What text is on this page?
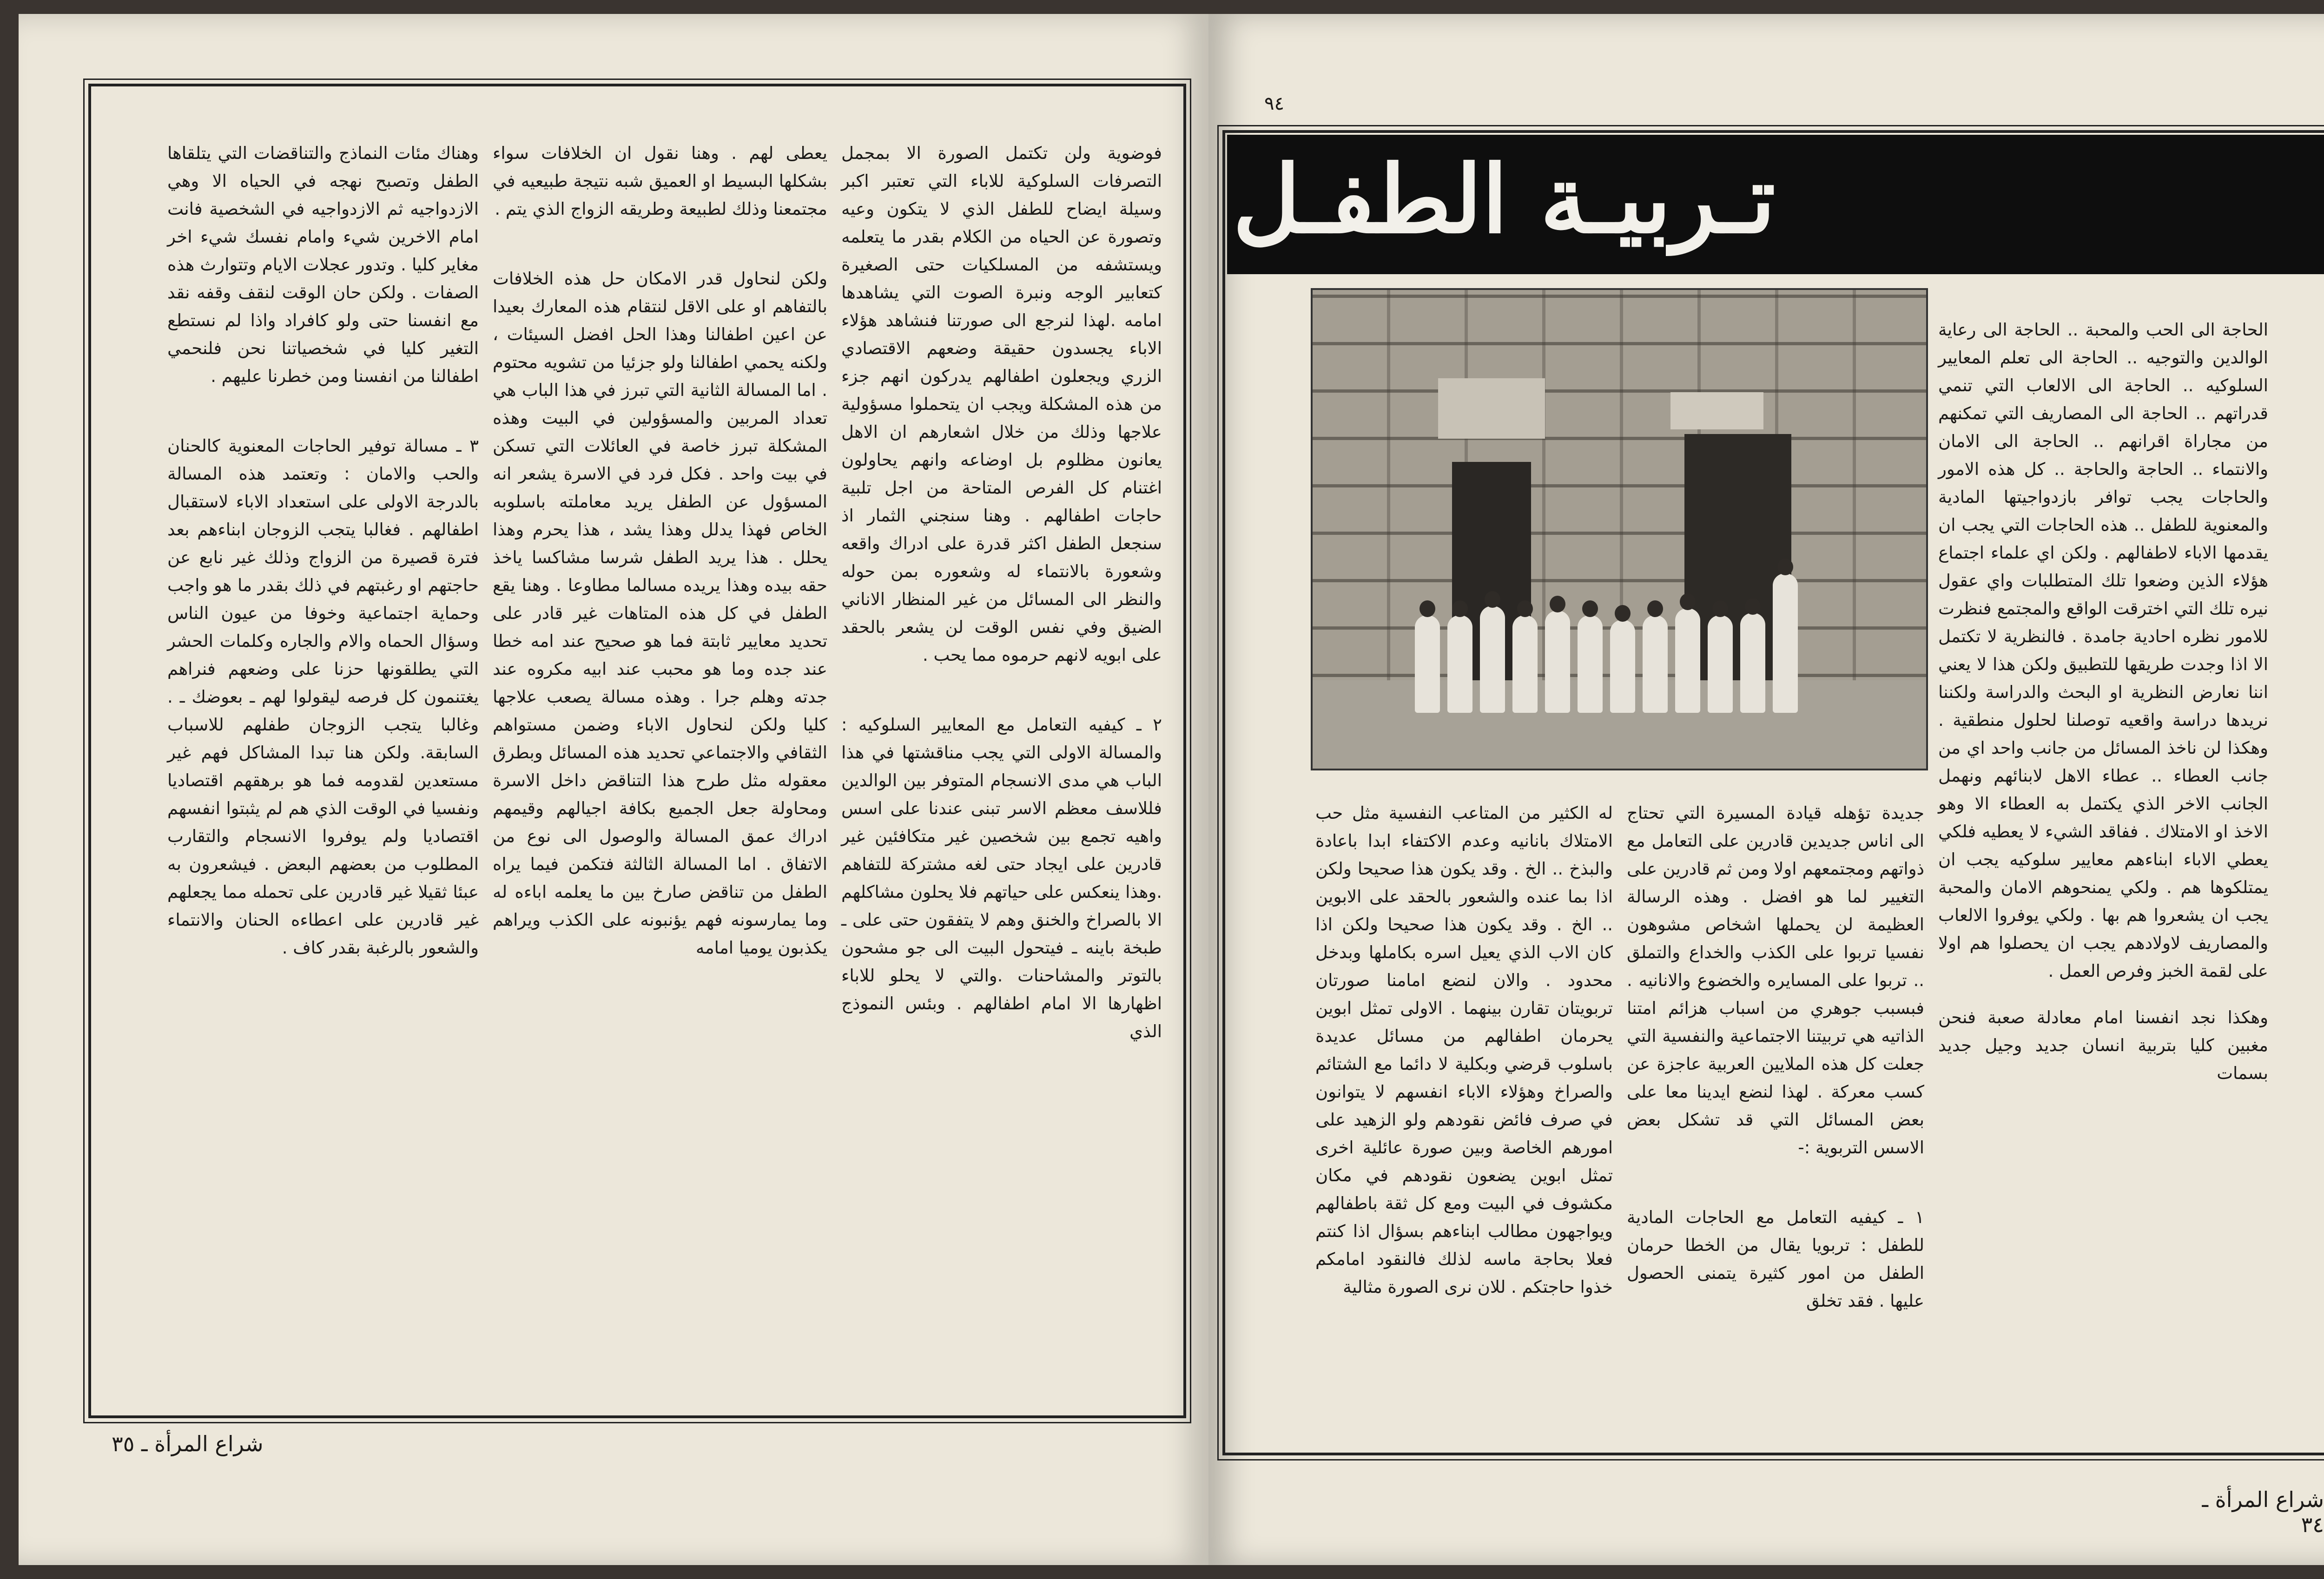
فوضوية ولن تكتمل الصورة الا بمجمل التصرفات السلوكية للاباء التي تعتبر اكبر وسيلة ايضاح للطفل الذي لا يتكون وعيه وتصورة عن الحياه من الكلام بقدر ما يتعلمه ويستشفه من المسلكيات حتى الصغيرة كتعابير الوجه ونبرة الصوت التي يشاهدها امامه .لهذا لنرجع الى صورتنا فنشاهد هؤلاء الاباء يجسدون حقيقة وضعهم الاقتصادي الزري ويجعلون اطفالهم يدركون انهم جزء من هذه المشكلة ويجب ان يتحملوا مسؤولية علاجها وذلك من خلال اشعارهم ان الاهل يعانون مظلوم بل اوضاعه وانهم يحاولون اغتنام كل الفرص المتاحة من اجل تلبية حاجات اطفالهم . وهنا سنجني الثمار اذ سنجعل الطفل اكثر قدرة على ادراك واقعه وشعورة بالانتماء له وشعوره بمن حوله والنظر الى المسائل من غير المنظار الاناني الضيق وفي نفس الوقت لن يشعر بالحقد على ابويه لانهم حرموه مما يحب .

٢ ـ كيفيه التعامل مع المعايير السلوكيه : والمسالة الاولى التي يجب مناقشتها في هذا الباب هي مدى الانسجام المتوفر بين الوالدين فللاسف معظم الاسر تبنى عندنا على اسس واهيه تجمع بين شخصين غير متكافئين غير قادرين على ايجاد حتى لغه مشتركة للتفاهم .وهذا ينعكس على حياتهم فلا يحلون مشاكلهم الا بالصراخ والخنق وهم لا يتفقون حتى على ـ طبخة باينه ـ فيتحول البيت الى جو مشحون بالتوتر والمشاحنات .والتي لا يحلو للاباء اظهارها الا امام اطفالهم . وبئس النموذج الذي

يعطى لهم . وهنا نقول ان الخلافات سواء بشكلها البسيط او العميق شبه نتيجة طبيعيه في مجتمعنا وذلك لطبيعة وطريقه الزواج الذي يتم .

ولكن لنحاول قدر الامكان حل هذه الخلافات بالتفاهم او على الاقل لنتقام هذه المعارك بعيدا عن اعين اطفالنا وهذا الحل افضل السيئات ، ولكنه يحمي اطفالنا ولو جزئيا من تشويه محتوم . اما المسالة الثانية التي تبرز في هذا الباب هي تعداد المربين والمسؤولين في البيت وهذه المشكلة تبرز خاصة في العائلات التي تسكن في بيت واحد . فكل فرد في الاسرة يشعر انه المسؤول عن الطفل يريد معاملته باسلوبه الخاص فهذا يدلل وهذا يشد ، هذا يحرم وهذا يحلل . هذا يريد الطفل شرسا مشاكسا ياخذ حقه بيده وهذا يريده مسالما مطاوعا . وهنا يقع الطفل في كل هذه المتاهات غير قادر على تحديد معايير ثابتة فما هو صحيح عند امه خطا عند جده وما هو محبب عند ابيه مكروه عند جدته وهلم جرا . وهذه مسالة يصعب علاجها كليا ولكن لنحاول الاباء وضمن مستواهم الثقافي والاجتماعي تحديد هذه المسائل وبطرق معقوله مثل طرح هذا التناقض داخل الاسرة ومحاولة جعل الجميع بكافة اجيالهم وقيمهم ادراك عمق المسالة والوصول الى نوع من الاتفاق . اما المسالة الثالثة فتكمن فيما يراه الطفل من تناقض صارخ بين ما يعلمه اباءه له وما يمارسونه فهم يؤنبونه على الكذب ويراهم يكذبون يوميا امامه

وهناك مئات النماذج والتناقضات التي يتلقاها الطفل وتصبح نهجه في الحياه الا وهي الازدواجيه ثم الازدواجيه في الشخصية فانت امام الاخرين شيء وامام نفسك شيء اخر مغاير كليا . وتدور عجلات الايام وتتوارث هذه الصفات . ولكن حان الوقت لنقف وقفه نقد مع انفسنا حتى ولو كافراد واذا لم نستطع التغير كليا في شخصياتنا نحن فلنحمي اطفالنا من انفسنا ومن خطرنا عليهم .

٣ ـ مسالة توفير الحاجات المعنوية كالحنان والحب والامان : وتعتمد هذه المسالة بالدرجة الاولى على استعداد الاباء لاستقبال اطفالهم . فغالبا يتجب الزوجان ابناءهم بعد فترة قصيرة من الزواج وذلك غير نابع عن حاجتهم او رغبتهم في ذلك بقدر ما هو واجب وحماية اجتماعية وخوفا من عيون الناس وسؤال الحماه والام والجاره وكلمات الحشر التي يطلقونها حزنا على وضعهم فنراهم يغتنمون كل فرصه ليقولوا لهم ـ بعوضك ـ . وغالبا يتجب الزوجان طفلهم للاسباب السابقة. ولكن هنا تبدا المشاكل فهم غير مستعدين لقدومه فما هو برهقهم اقتصاديا ونفسيا في الوقت الذي هم لم يثبتوا انفسهم اقتصاديا ولم يوفروا الانسجام والتقارب المطلوب من بعضهم البعض . فيشعرون به عبئا ثقيلا غير قادرين على تحمله مما يجعلهم غير قادرين على اعطاءه الحنان والانتماء والشعور بالرغبة بقدر كاف .

شراع المرأة ـ ٣٥
٩٤
تـربيـة الطفـل

الحاجة الى الحب والمحبة .. الحاجة الى رعاية الوالدين والتوجيه .. الحاجة الى تعلم المعايير السلوكيه .. الحاجة الى الالعاب التي تنمي قدراتهم .. الحاجة الى المصاريف التي تمكنهم من مجاراة اقرانهم .. الحاجة الى الامان والانتماء .. الحاجة والحاجة .. كل هذه الامور والحاجات يجب توافر بازدواجيتها المادية والمعنوية للطفل .. هذه الحاجات التي يجب ان يقدمها الاباء لاطفالهم . ولكن اي علماء اجتماع هؤلاء الذين وضعوا تلك المتطلبات واي عقول نيره تلك التي اخترقت الواقع والمجتمع فنظرت للامور نظره احادية جامدة . فالنظرية لا تكتمل الا اذا وجدت طريقها للتطبيق ولكن هذا لا يعني اننا نعارض النظرية او البحث والدراسة ولكننا نريدها دراسة واقعيه توصلنا لحلول منطقية . وهكذا لن ناخذ المسائل من جانب واحد اي من جانب العطاء .. عطاء الاهل لابنائهم ونهمل الجانب الاخر الذي يكتمل به العطاء الا وهو الاخذ او الامتلاك . ففاقد الشيء لا يعطيه فلكي يعطي الاباء ابناءهم معايير سلوكيه يجب ان يمتلكوها هم . ولكي يمنحوهم الامان والمحبة يجب ان يشعروا هم بها . ولكي يوفروا الالعاب والمصاريف لاولادهم يجب ان يحصلوا هم اولا على لقمة الخبز وفرص العمل .

وهكذا نجد انفسنا امام معادلة صعبة فنحن مغبين كليا بتربية انسان جديد وجيل جديد بسمات

جديدة تؤهله قيادة المسيرة التي تحتاج الى اناس جديدين قادرين على التعامل مع ذواتهم ومجتمعهم اولا ومن ثم قادرين على التغيير لما هو افضل . وهذه الرسالة العظيمة لن يحملها اشخاص مشوهون نفسيا تربوا على الكذب والخداع والتملق .. تربوا على المسايره والخضوع والانانيه . فبسبب جوهري من اسباب هزائم امتنا الذاتيه هي تربيتنا الاجتماعية والنفسية التي جعلت كل هذه الملايين العربية عاجزة عن كسب معركة . لهذا لنضع ايدينا معا على بعض المسائل التي قد تشكل بعض الاسس التربوية :-

١ ـ كيفيه التعامل مع الحاجات المادية للطفل : تربويا يقال من الخطا حرمان الطفل من امور كثيرة يتمنى الحصول عليها . فقد تخلق

له الكثير من المتاعب النفسية مثل حب الامتلاك بانانيه وعدم الاكتفاء ابدا باعادة والبذخ .. الخ . وقد يكون هذا صحيحا ولكن اذا بما عنده والشعور بالحقد على الابوين .. الخ . وقد يكون هذا صحيحا ولكن اذا كان الاب الذي يعيل اسره بكاملها وبدخل محدود . والان لنضع امامنا صورتان تربويتان تقارن بينهما . الاولى تمثل ابوين يحرمان اطفالهم من مسائل عديدة باسلوب قرضي وبكلية لا دائما مع الشتائم والصراخ وهؤلاء الاباء انفسهم لا يتوانون في صرف فائض نقودهم ولو الزهيد على امورهم الخاصة وبين صورة عائلية اخرى تمثل ابوين يضعون نقودهم في مكان مكشوف في البيت ومع كل ثقة باطفالهم ويواجهون مطالب ابناءهم بسؤال اذا كنتم فعلا بحاجة ماسه لذلك فالنقود امامكم خذوا حاجتكم . للان نرى الصورة مثالية

شراع المرأة ـ ٣٤
